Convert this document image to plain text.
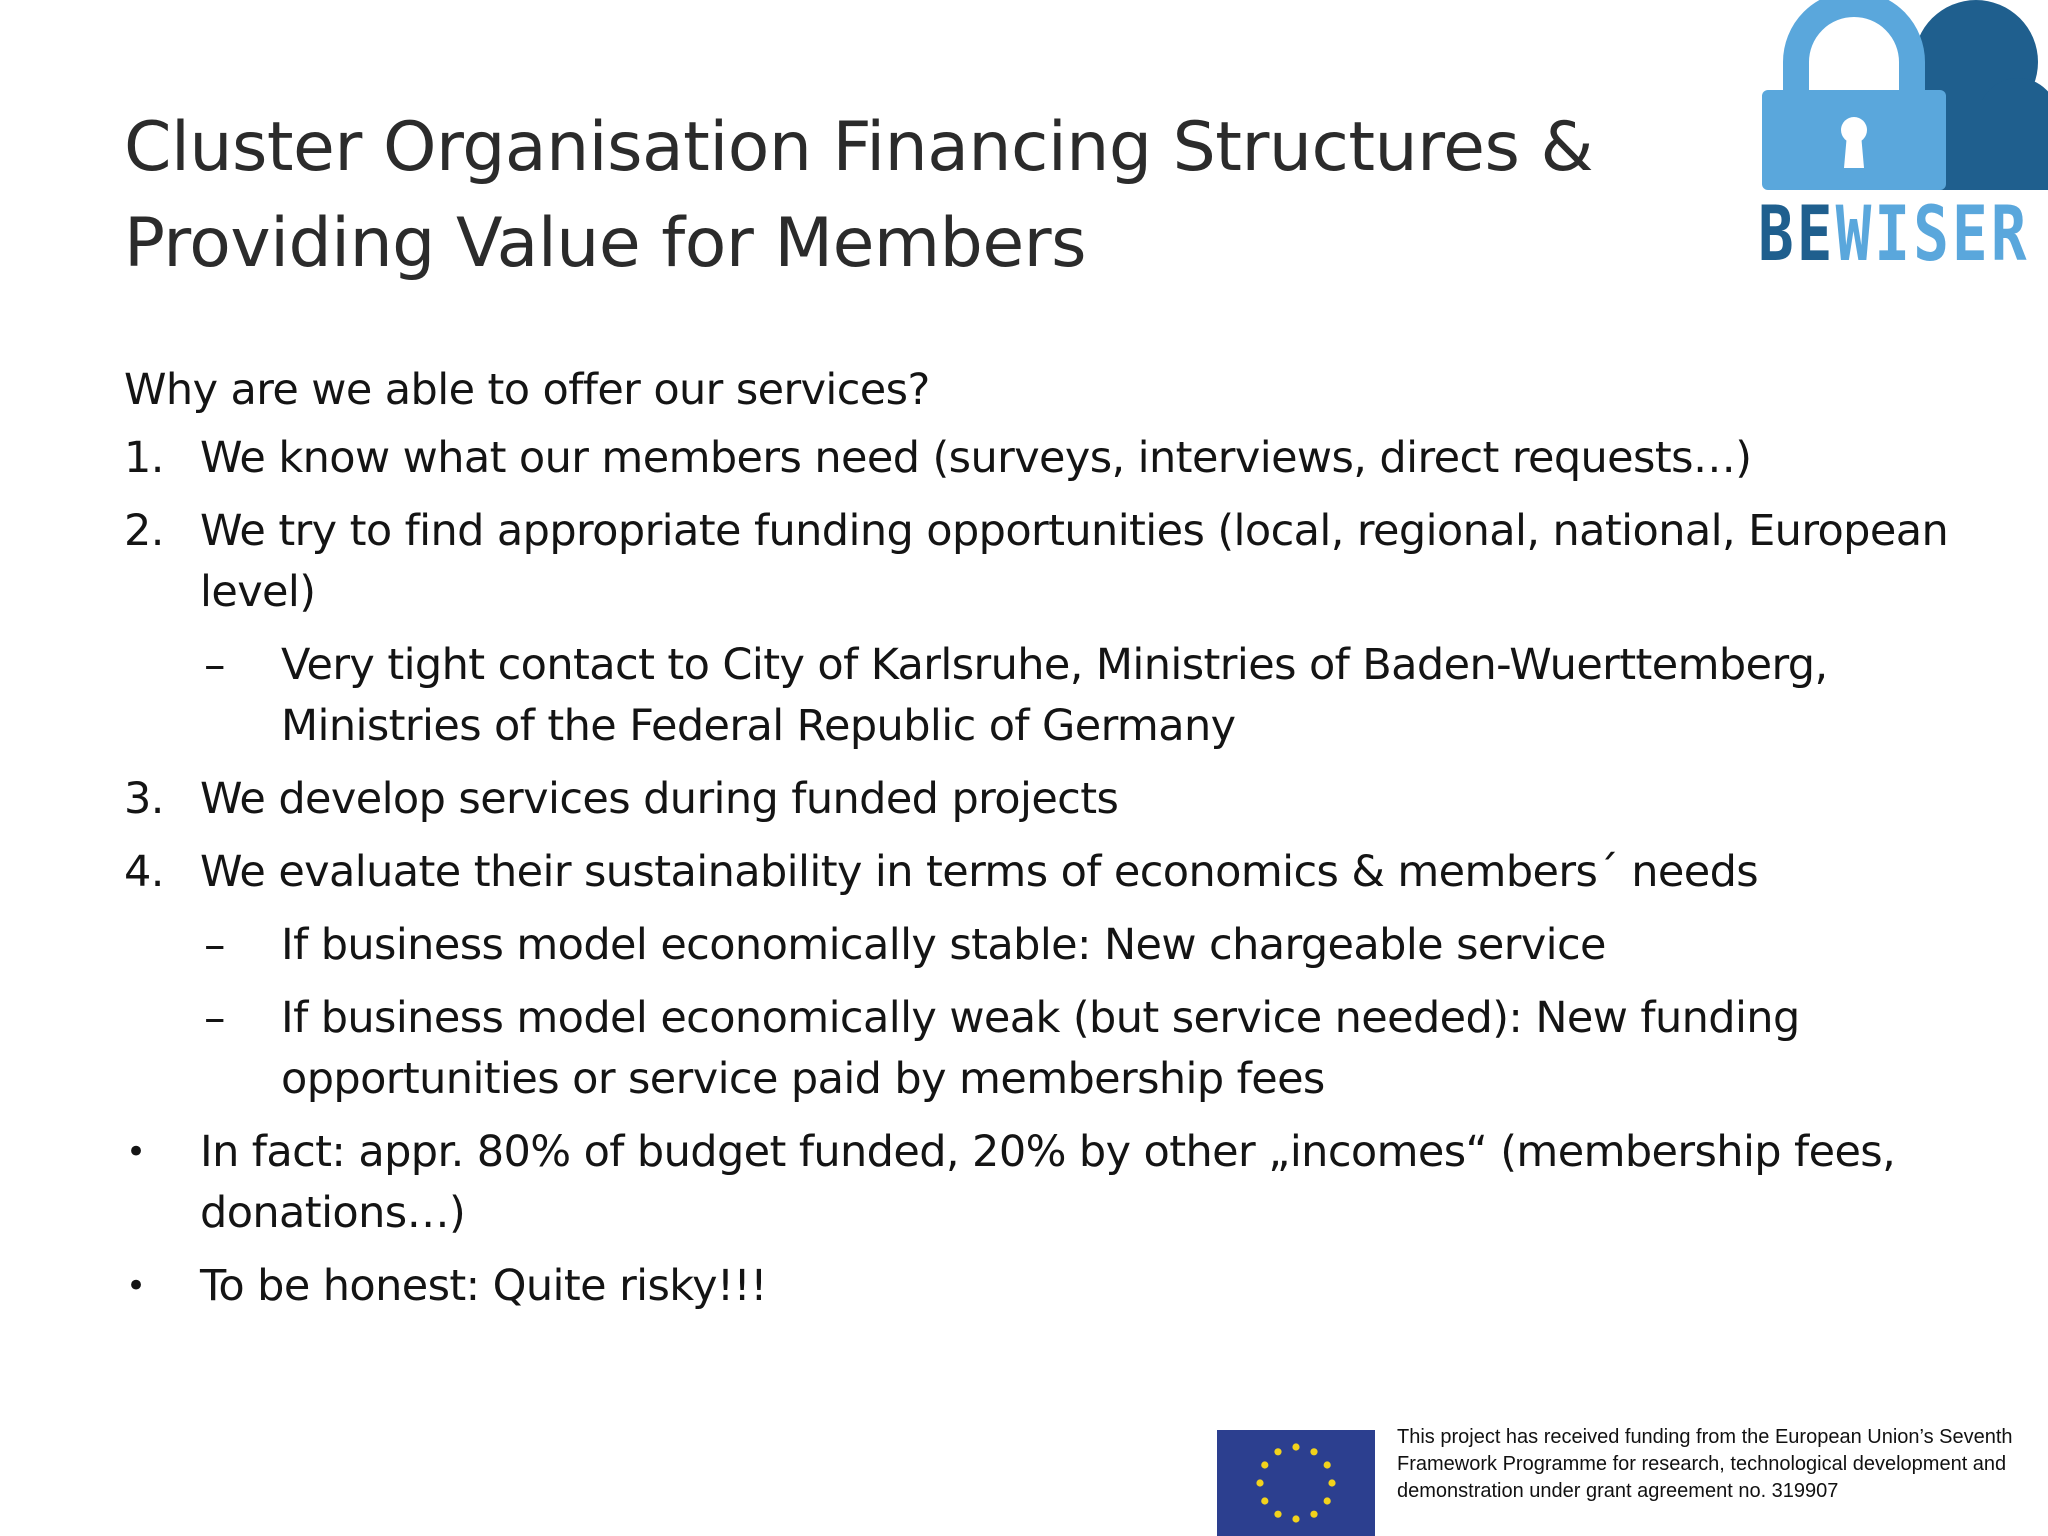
Cluster Organisation Financing Structures &
Providing Value for Members	BEWISER
Why are we able to offer our services?
1. We know what our members need (surveys, interviews, direct requests…)
2. We try to find appropriate funding opportunities (local, regional, national, European level)
– Very tight contact to City of Karlsruhe, Ministries of Baden-Wuerttemberg, Ministries of the Federal Republic of Germany
3. We develop services during funded projects
4. We evaluate their sustainability in terms of economics & members´ needs
– If business model economically stable: New chargeable service
– If business model economically weak (but service needed): New funding opportunities or service paid by membership fees
• In fact: appr. 80% of budget funded, 20% by other „incomes“ (membership fees, donations…)
• To be honest: Quite risky!!!
This project has received funding from the European Union’s Seventh Framework Programme for research, technological development and demonstration under grant agreement no. 319907
